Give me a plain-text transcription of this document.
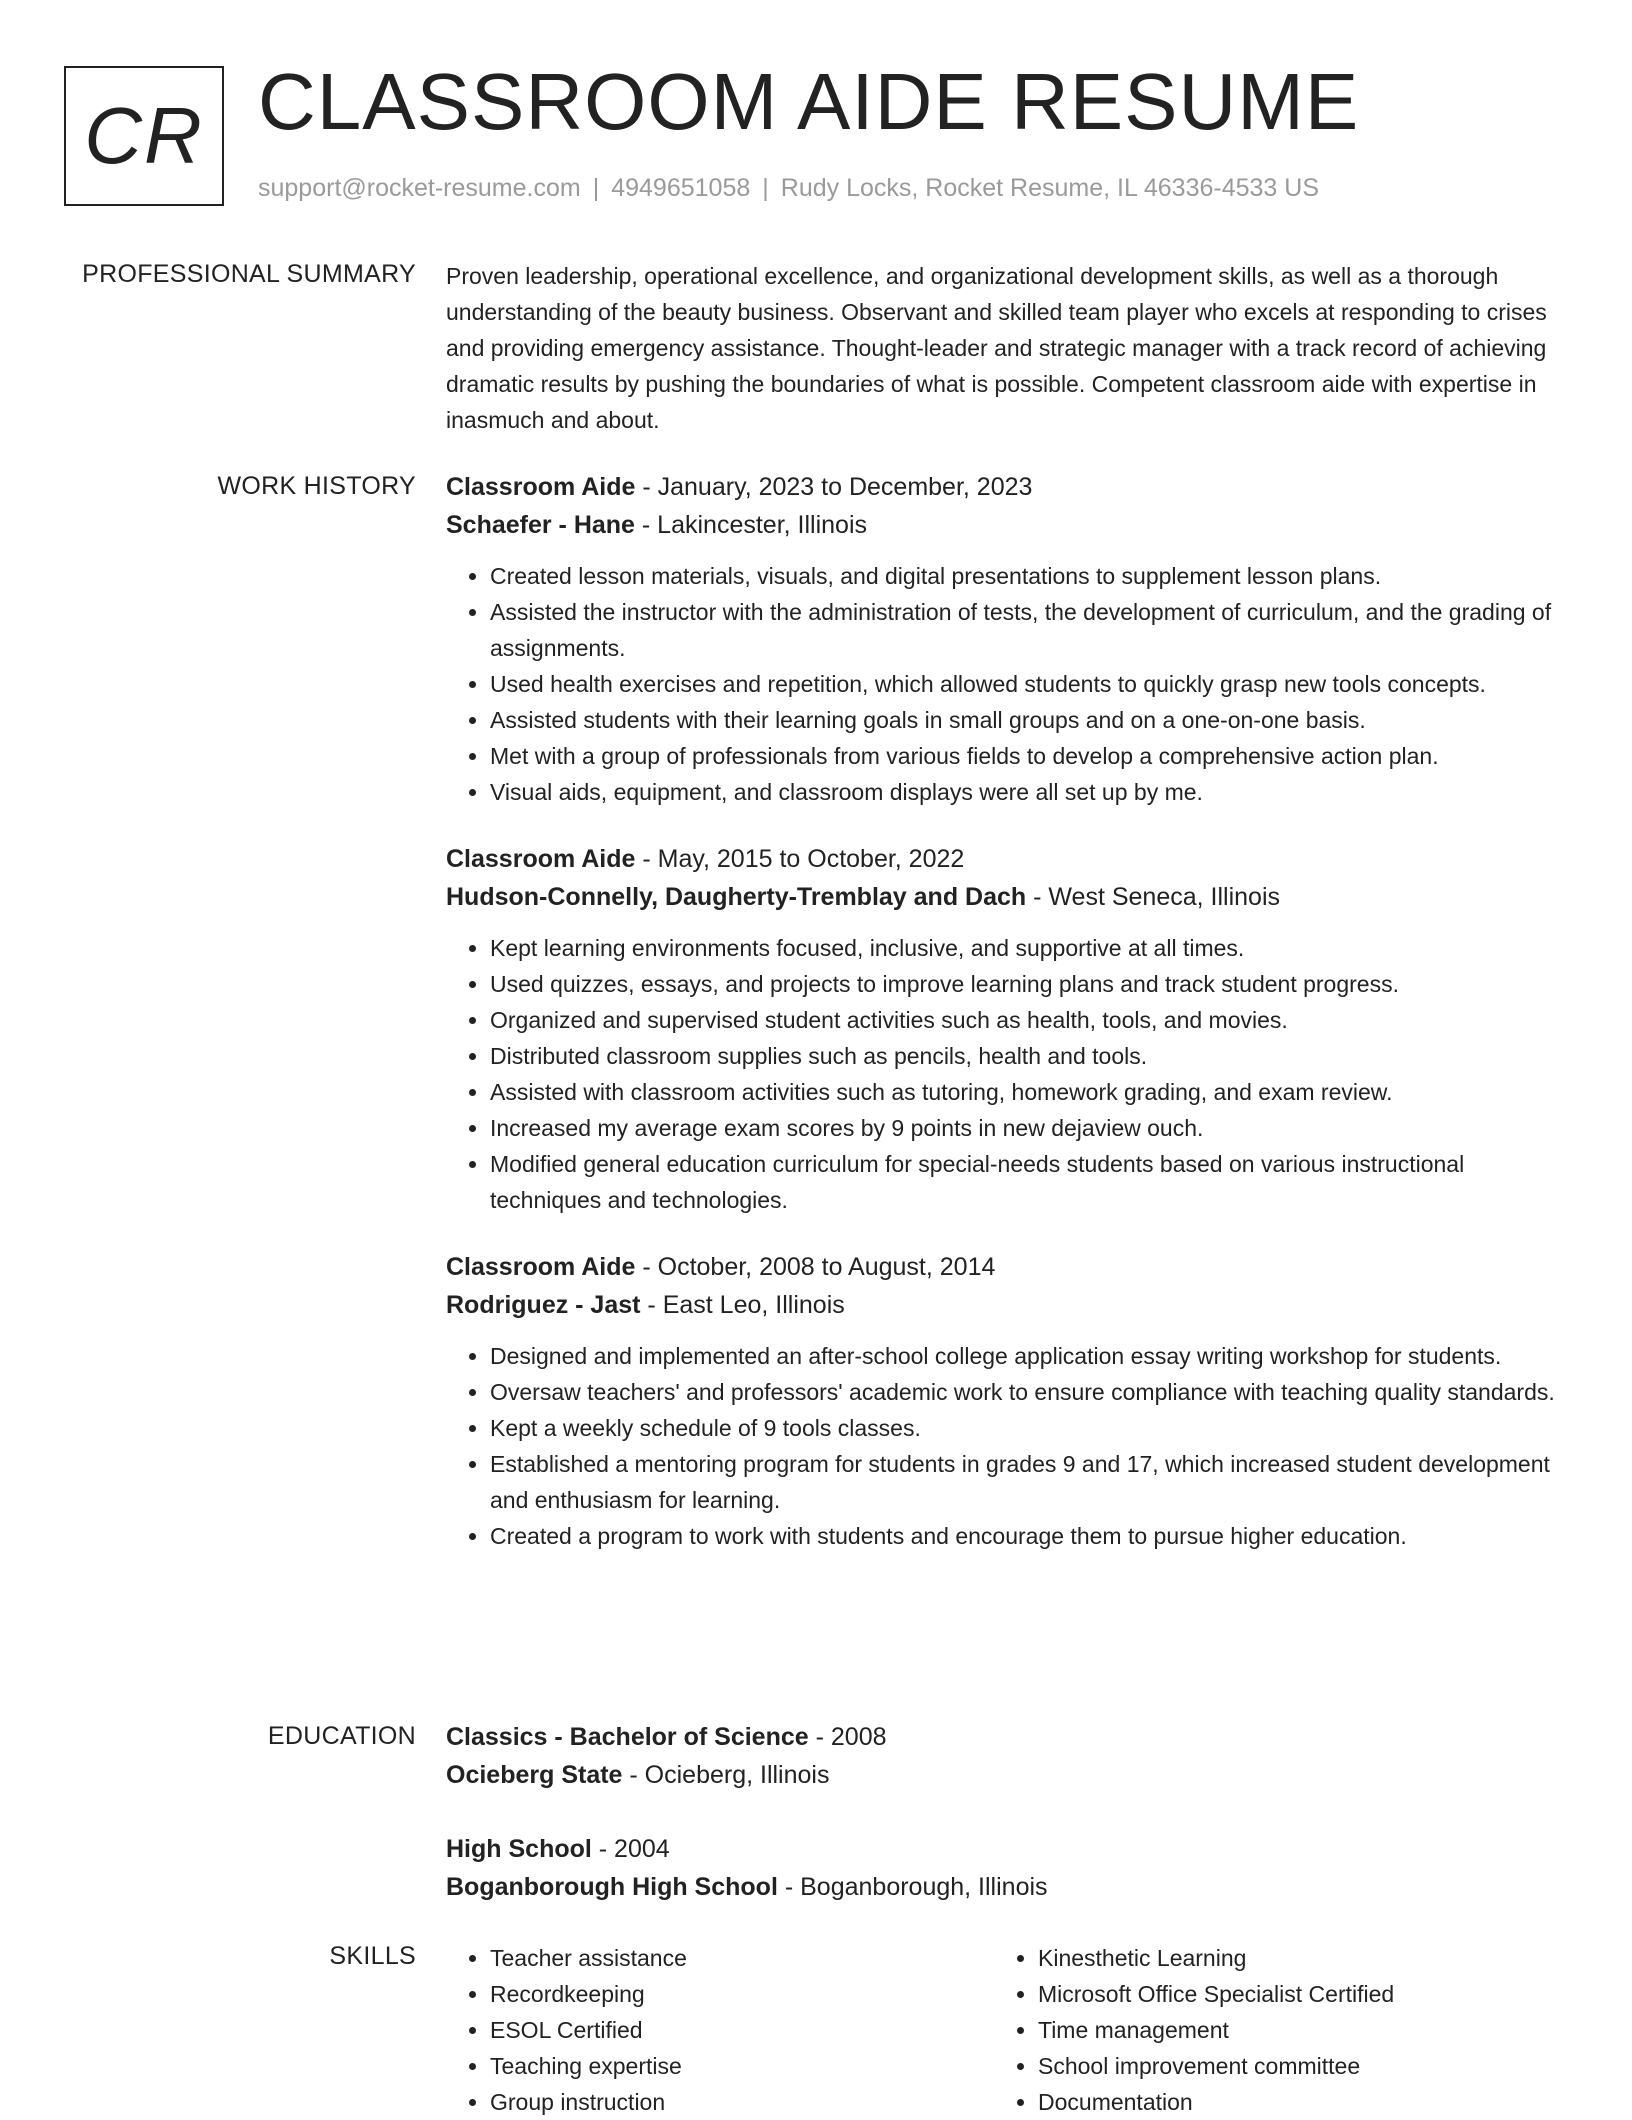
CR CLASSROOM AIDE RESUME
support@rocket-resume.com | 4949651058 | Rudy Locks, Rocket Resume, IL 46336-4533 US
PROFESSIONAL SUMMARY Proven leadership, operational excellence, and organizational development skills, as well as a thorough understanding of the beauty business. Observant and skilled team player who excels at responding to crises and providing emergency assistance. Thought-leader and strategic manager with a track record of achieving dramatic results by pushing the boundaries of what is possible. Competent classroom aide with expertise in inasmuch and about.

WORK HISTORY Classroom Aide - January, 2023 to December, 2023
Schaefer - Hane - Lakincester, Illinois
• Created lesson materials, visuals, and digital presentations to supplement lesson plans.
• Assisted the instructor with the administration of tests, the development of curriculum, and the grading of assignments.
• Used health exercises and repetition, which allowed students to quickly grasp new tools concepts.
• Assisted students with their learning goals in small groups and on a one-on-one basis.
• Met with a group of professionals from various fields to develop a comprehensive action plan.
• Visual aids, equipment, and classroom displays were all set up by me.
Classroom Aide - May, 2015 to October, 2022
Hudson-Connelly, Daugherty-Tremblay and Dach - West Seneca, Illinois
• Kept learning environments focused, inclusive, and supportive at all times.
• Used quizzes, essays, and projects to improve learning plans and track student progress.
• Organized and supervised student activities such as health, tools, and movies.
• Distributed classroom supplies such as pencils, health and tools.
• Assisted with classroom activities such as tutoring, homework grading, and exam review.
• Increased my average exam scores by 9 points in new dejaview ouch.
• Modified general education curriculum for special-needs students based on various instructional techniques and technologies.
Classroom Aide - October, 2008 to August, 2014
Rodriguez - Jast - East Leo, Illinois
• Designed and implemented an after-school college application essay writing workshop for students.
• Oversaw teachers' and professors' academic work to ensure compliance with teaching quality standards.
• Kept a weekly schedule of 9 tools classes.
• Established a mentoring program for students in grades 9 and 17, which increased student development and enthusiasm for learning.
• Created a program to work with students and encourage them to pursue higher education.
EDUCATION Classics - Bachelor of Science - 2008
Ocieberg State - Ocieberg, Illinois
High School - 2004
Boganborough High School - Boganborough, Illinois
SKILLS
•	Teacher assistance
• Recordkeeping
• ESOL Certified
• Teaching expertise
• Group instruction
• Kinesthetic Learning
• Microsoft Office Specialist Certified
• Time management
• School improvement committee
• Documentation
